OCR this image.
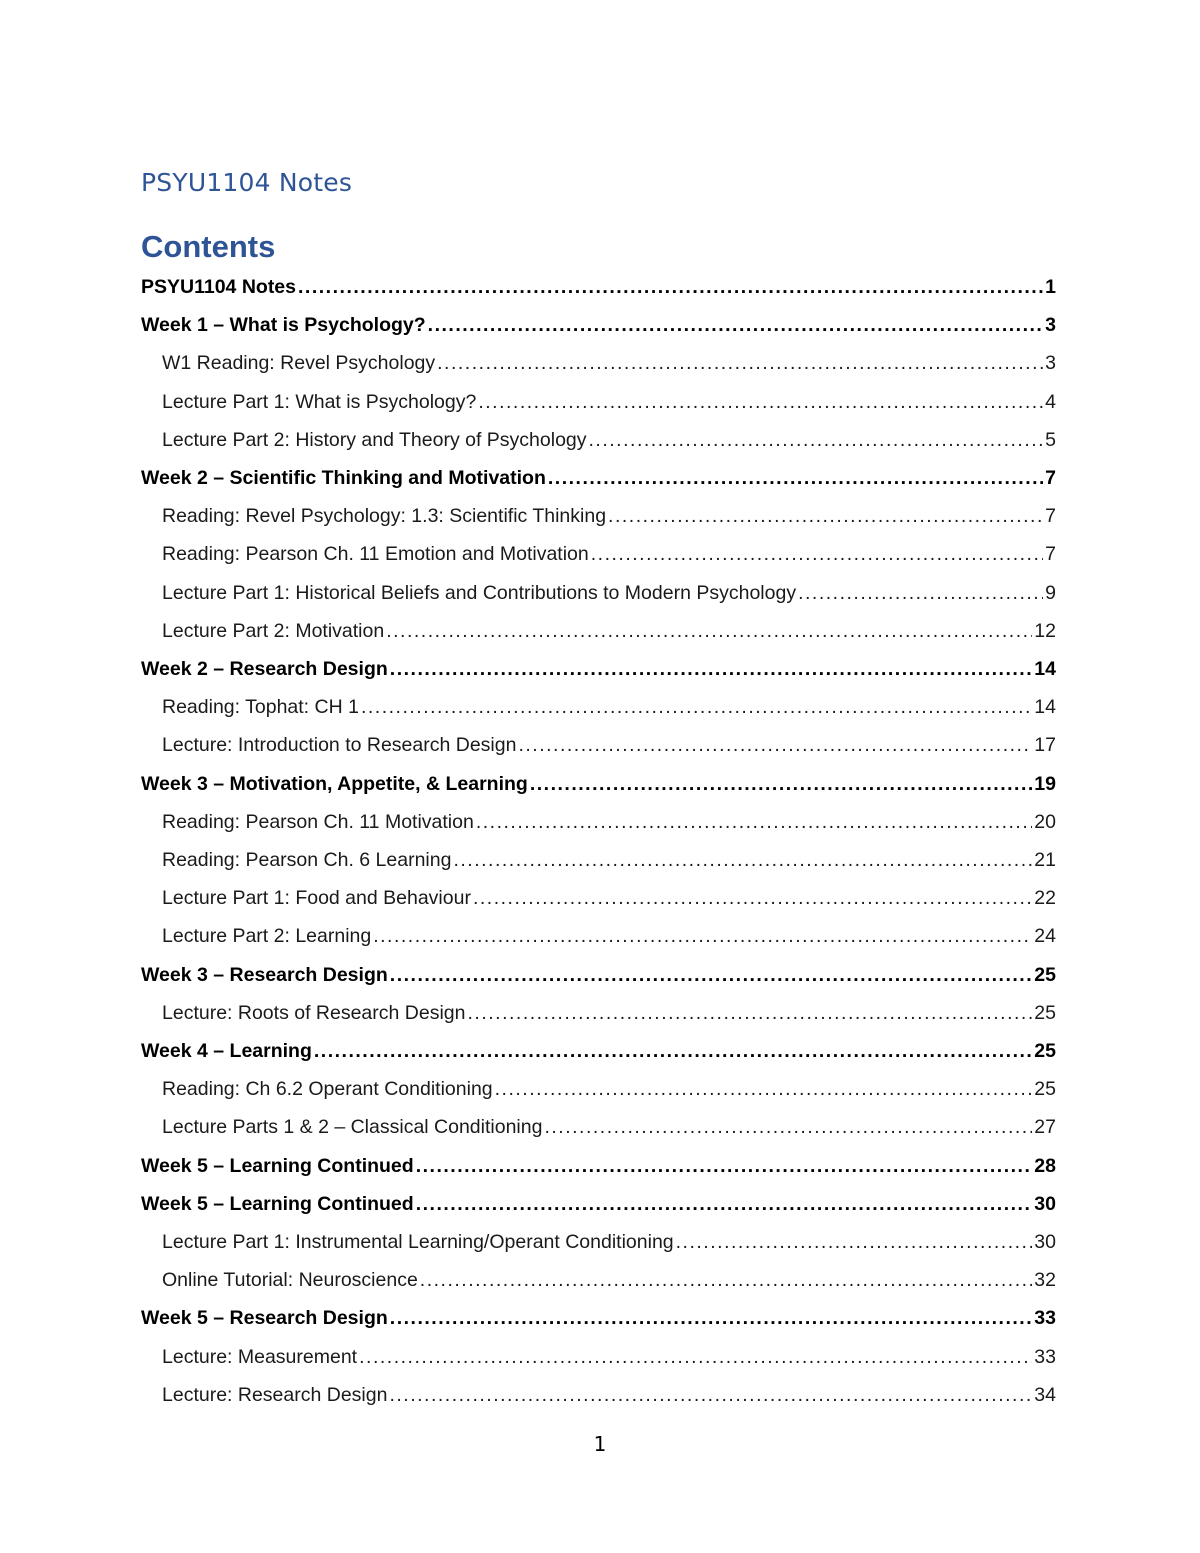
PSYU1104 Notes
Contents
PSYU1104 Notes .....	1
Week 1 – What is Psychology? .....	3
W1 Reading: Revel Psychology .....	3
Lecture Part 1: What is Psychology? .....	4
Lecture Part 2: History and Theory of Psychology .....	5
Week 2 – Scientific Thinking and Motivation .....	7
Reading: Revel Psychology: 1.3: Scientific Thinking .....	7
Reading: Pearson Ch. 11 Emotion and Motivation .....	7
Lecture Part 1: Historical Beliefs and Contributions to Modern Psychology .....	9
Lecture Part 2: Motivation .....	12
Week 2 – Research Design .....	14
Reading: Tophat: CH 1 .....	14
Lecture: Introduction to Research Design .....	17
Week 3 – Motivation, Appetite, & Learning .....	19
Reading: Pearson Ch. 11 Motivation .....	20
Reading: Pearson Ch. 6 Learning .....	21
Lecture Part 1: Food and Behaviour .....	22
Lecture Part 2: Learning .....	24
Week 3 – Research Design .....	25
Lecture: Roots of Research Design .....	25
Week 4 – Learning .....	25
Reading: Ch 6.2 Operant Conditioning .....	25
Lecture Parts 1 & 2 – Classical Conditioning .....	27
Week 5 – Learning Continued .....	28
Week 5 – Learning Continued .....	30
Lecture Part 1: Instrumental Learning/Operant Conditioning .....	30
Online Tutorial: Neuroscience .....	32
Week 5 – Research Design .....	33
Lecture: Measurement .....	33
Lecture: Research Design .....	34
1
